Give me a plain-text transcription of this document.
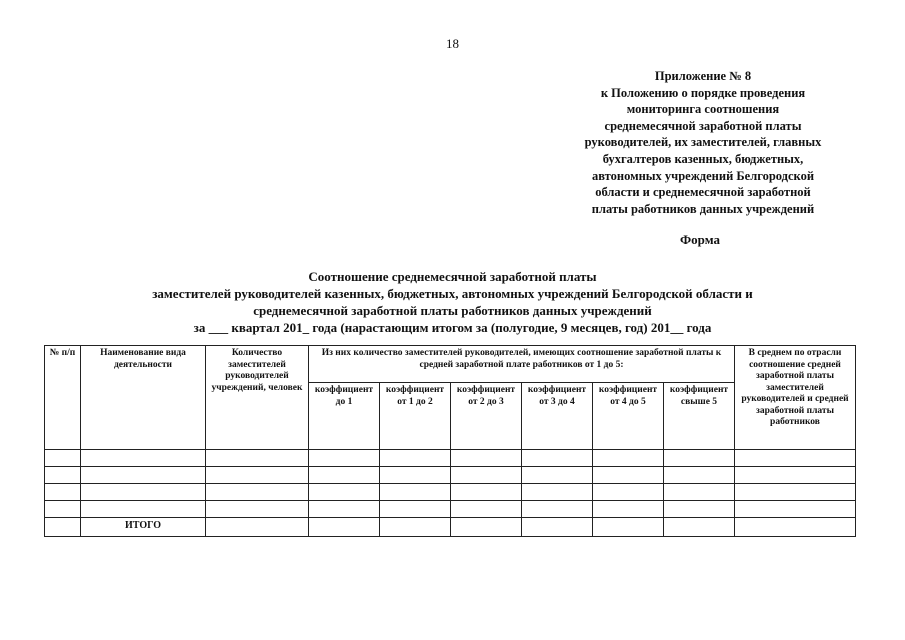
18
Приложение № 8
к Положению о порядке проведения
мониторинга соотношения
среднемесячной заработной платы
руководителей, их заместителей, главных
бухгалтеров казенных, бюджетных,
автономных учреждений Белгородской
области и среднемесячной заработной
платы работников данных учреждений
Форма
Соотношение среднемесячной заработной платы
заместителей руководителей казенных, бюджетных, автономных учреждений Белгородской области и
среднемесячной заработной платы работников данных учреждений
за ___ квартал 201_ года (нарастающим итогом за (полугодие, 9 месяцев, год) 201__ года
№ п/п	Наименование вида деятельности	Количество заместителей руководителей учреждений, человек	Из них количество заместителей руководителей, имеющих соотношение заработной платы к средней заработной плате работников от 1 до 5:						В среднем по отрасли соотношение средней заработной платы заместителей руководителей и средней заработной платы работников
			коэффициент до 1	коэффициент от 1 до 2	коэффициент от 2 до 3	коэффициент от 3 до 4	коэффициент от 4 до 5	коэффициент свыше 5	

	ИТОГО								
